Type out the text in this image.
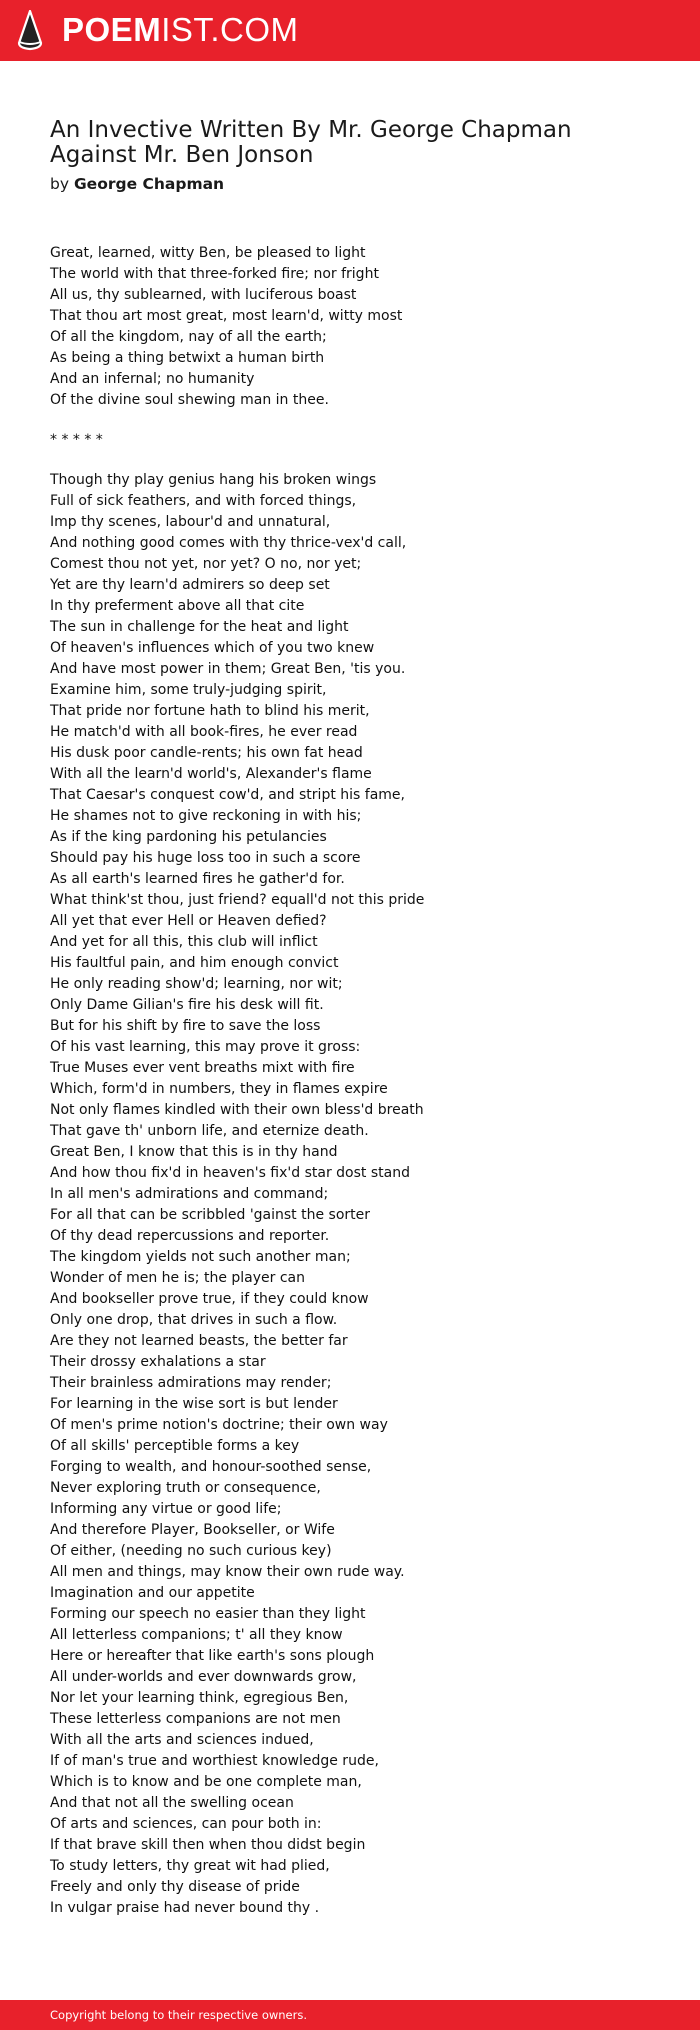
POEMIST.COM
An Invective Written By Mr. George Chapman Against Mr. Ben Jonson
by George Chapman
Great, learned, witty Ben, be pleased to light
The world with that three-forked fire; nor fright
All us, thy sublearned, with luciferous boast
That thou art most great, most learn'd, witty most
Of all the kingdom, nay of all the earth;
As being a thing betwixt a human birth
And an infernal; no humanity
Of the divine soul shewing man in thee.
* * * * *
Though thy play genius hang his broken wings
Full of sick feathers, and with forced things,
Imp thy scenes, labour'd and unnatural,
And nothing good comes with thy thrice-vex'd call,
Comest thou not yet, nor yet? O no, nor yet;
Yet are thy learn'd admirers so deep set
In thy preferment above all that cite
The sun in challenge for the heat and light
Of heaven's influences which of you two knew
And have most power in them; Great Ben, 'tis you.
Examine him, some truly-judging spirit,
That pride nor fortune hath to blind his merit,
He match'd with all book-fires, he ever read
His dusk poor candle-rents; his own fat head
With all the learn'd world's, Alexander's flame
That Caesar's conquest cow'd, and stript his fame,
He shames not to give reckoning in with his;
As if the king pardoning his petulancies
Should pay his huge loss too in such a score
As all earth's learned fires he gather'd for.
What think'st thou, just friend? equall'd not this pride
All yet that ever Hell or Heaven defied?
And yet for all this, this club will inflict
His faultful pain, and him enough convict
He only reading show'd; learning, nor wit;
Only Dame Gilian's fire his desk will fit.
But for his shift by fire to save the loss
Of his vast learning, this may prove it gross:
True Muses ever vent breaths mixt with fire
Which, form'd in numbers, they in flames expire
Not only flames kindled with their own bless'd breath
That gave th' unborn life, and eternize death.
Great Ben, I know that this is in thy hand
And how thou fix'd in heaven's fix'd star dost stand
In all men's admirations and command;
For all that can be scribbled 'gainst the sorter
Of thy dead repercussions and reporter.
The kingdom yields not such another man;
Wonder of men he is; the player can
And bookseller prove true, if they could know
Only one drop, that drives in such a flow.
Are they not learned beasts, the better far
Their drossy exhalations a star
Their brainless admirations may render;
For learning in the wise sort is but lender
Of men's prime notion's doctrine; their own way
Of all skills' perceptible forms a key
Forging to wealth, and honour-soothed sense,
Never exploring truth or consequence,
Informing any virtue or good life;
And therefore Player, Bookseller, or Wife
Of either, (needing no such curious key)
All men and things, may know their own rude way.
Imagination and our appetite
Forming our speech no easier than they light
All letterless companions; t' all they know
Here or hereafter that like earth's sons plough
All under-worlds and ever downwards grow,
Nor let your learning think, egregious Ben,
These letterless companions are not men
With all the arts and sciences indued,
If of man's true and worthiest knowledge rude,
Which is to know and be one complete man,
And that not all the swelling ocean
Of arts and sciences, can pour both in:
If that brave skill then when thou didst begin
To study letters, thy great wit had plied,
Freely and only thy disease of pride
In vulgar praise had never bound thy .
Copyright belong to their respective owners.
